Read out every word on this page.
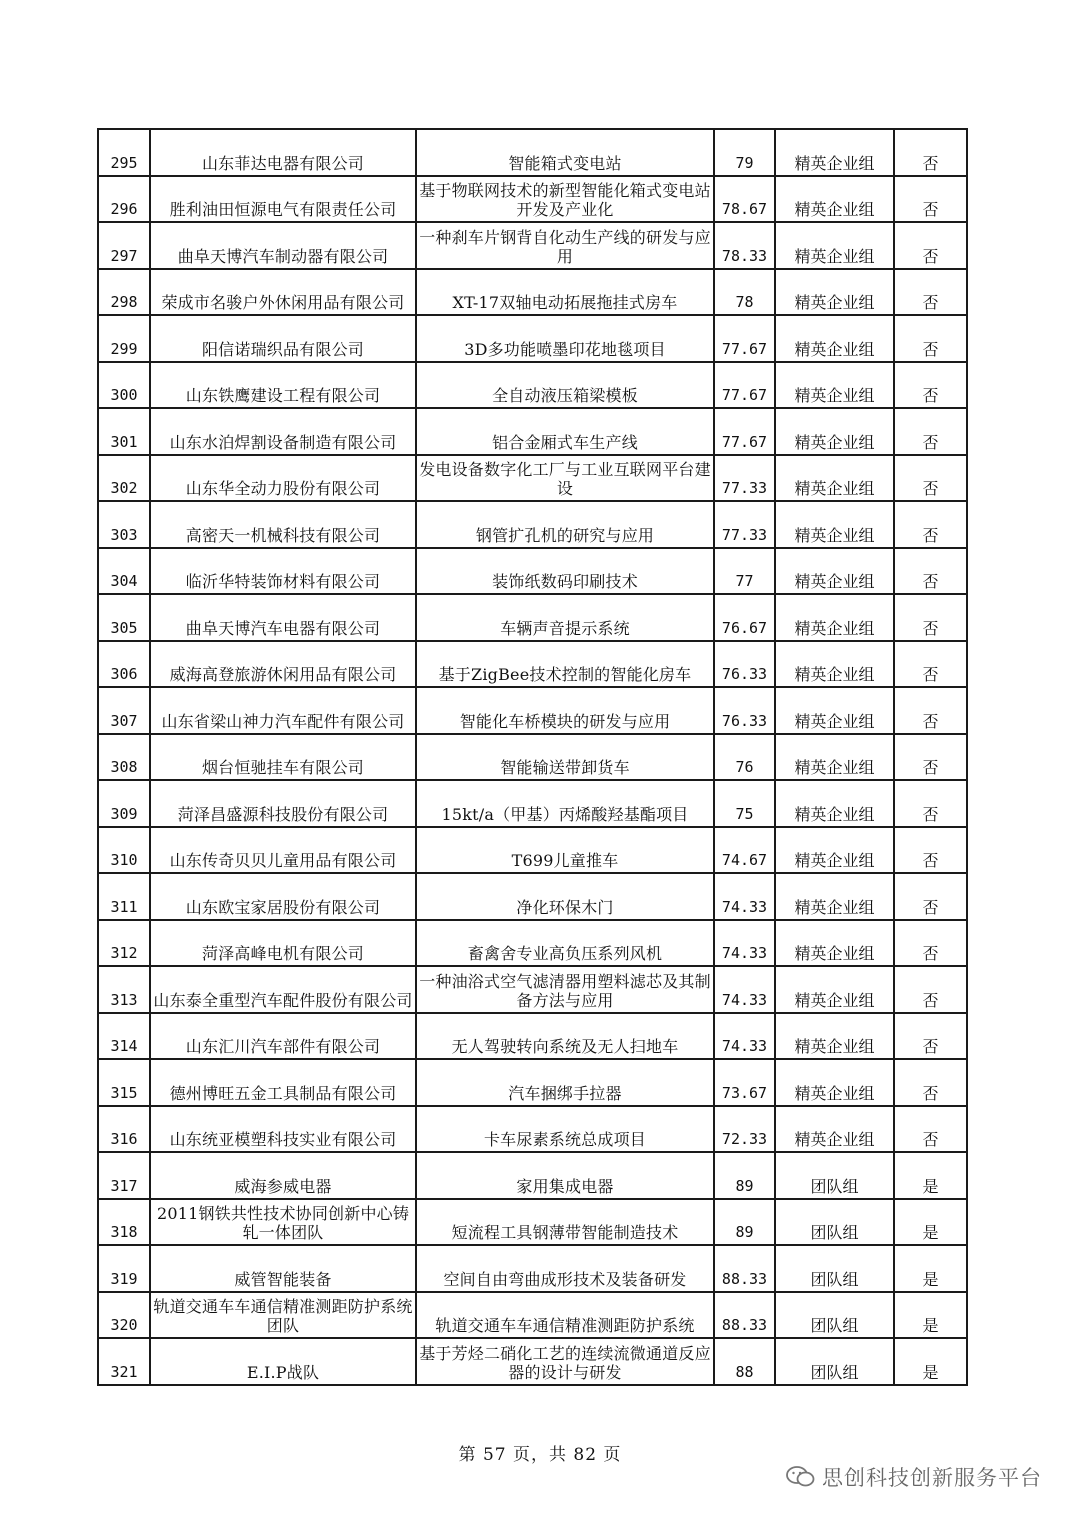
295	山东菲达电器有限公司	智能箱式变电站	79	精英企业组	否
296	胜利油田恒源电气有限责任公司	基于物联网技术的新型智能化箱式变电站开发及产业化	78.67	精英企业组	否
297	曲阜天博汽车制动器有限公司	一种刹车片钢背自化动生产线的研发与应用	78.33	精英企业组	否
298	荣成市名骏户外休闲用品有限公司	XT-17双轴电动拓展拖挂式房车	78	精英企业组	否
299	阳信诺瑞织品有限公司	3D多功能喷墨印花地毯项目	77.67	精英企业组	否
300	山东铁鹰建设工程有限公司	全自动液压箱梁模板	77.67	精英企业组	否
301	山东水泊焊割设备制造有限公司	铝合金厢式车生产线	77.67	精英企业组	否
302	山东华全动力股份有限公司	发电设备数字化工厂与工业互联网平台建设	77.33	精英企业组	否
303	高密天一机械科技有限公司	钢管扩孔机的研究与应用	77.33	精英企业组	否
304	临沂华特装饰材料有限公司	装饰纸数码印刷技术	77	精英企业组	否
305	曲阜天博汽车电器有限公司	车辆声音提示系统	76.67	精英企业组	否
306	威海高登旅游休闲用品有限公司	基于ZigBee技术控制的智能化房车	76.33	精英企业组	否
307	山东省梁山神力汽车配件有限公司	智能化车桥模块的研发与应用	76.33	精英企业组	否
308	烟台恒驰挂车有限公司	智能输送带卸货车	76	精英企业组	否
309	菏泽昌盛源科技股份有限公司	15kt/a（甲基）丙烯酸羟基酯项目	75	精英企业组	否
310	山东传奇贝贝儿童用品有限公司	T699儿童推车	74.67	精英企业组	否
311	山东欧宝家居股份有限公司	净化环保木门	74.33	精英企业组	否
312	菏泽高峰电机有限公司	畜禽舍专业高负压系列风机	74.33	精英企业组	否
313	山东泰全重型汽车配件股份有限公司	一种油浴式空气滤清器用塑料滤芯及其制备方法与应用	74.33	精英企业组	否
314	山东汇川汽车部件有限公司	无人驾驶转向系统及无人扫地车	74.33	精英企业组	否
315	德州博旺五金工具制品有限公司	汽车捆绑手拉器	73.67	精英企业组	否
316	山东统亚模塑科技实业有限公司	卡车尿素系统总成项目	72.33	精英企业组	否
317	威海参威电器	家用集成电器	89	团队组	是
318	2011钢铁共性技术协同创新中心铸轧一体团队	短流程工具钢薄带智能制造技术	89	团队组	是
319	威管智能装备	空间自由弯曲成形技术及装备研发	88.33	团队组	是
320	轨道交通车车通信精准测距防护系统团队	轨道交通车车通信精准测距防护系统	88.33	团队组	是
321	E.I.P战队	基于芳烃二硝化工艺的连续流微通道反应器的设计与研发	88	团队组	是
第 57 页，共 82 页
思创科技创新服务平台
